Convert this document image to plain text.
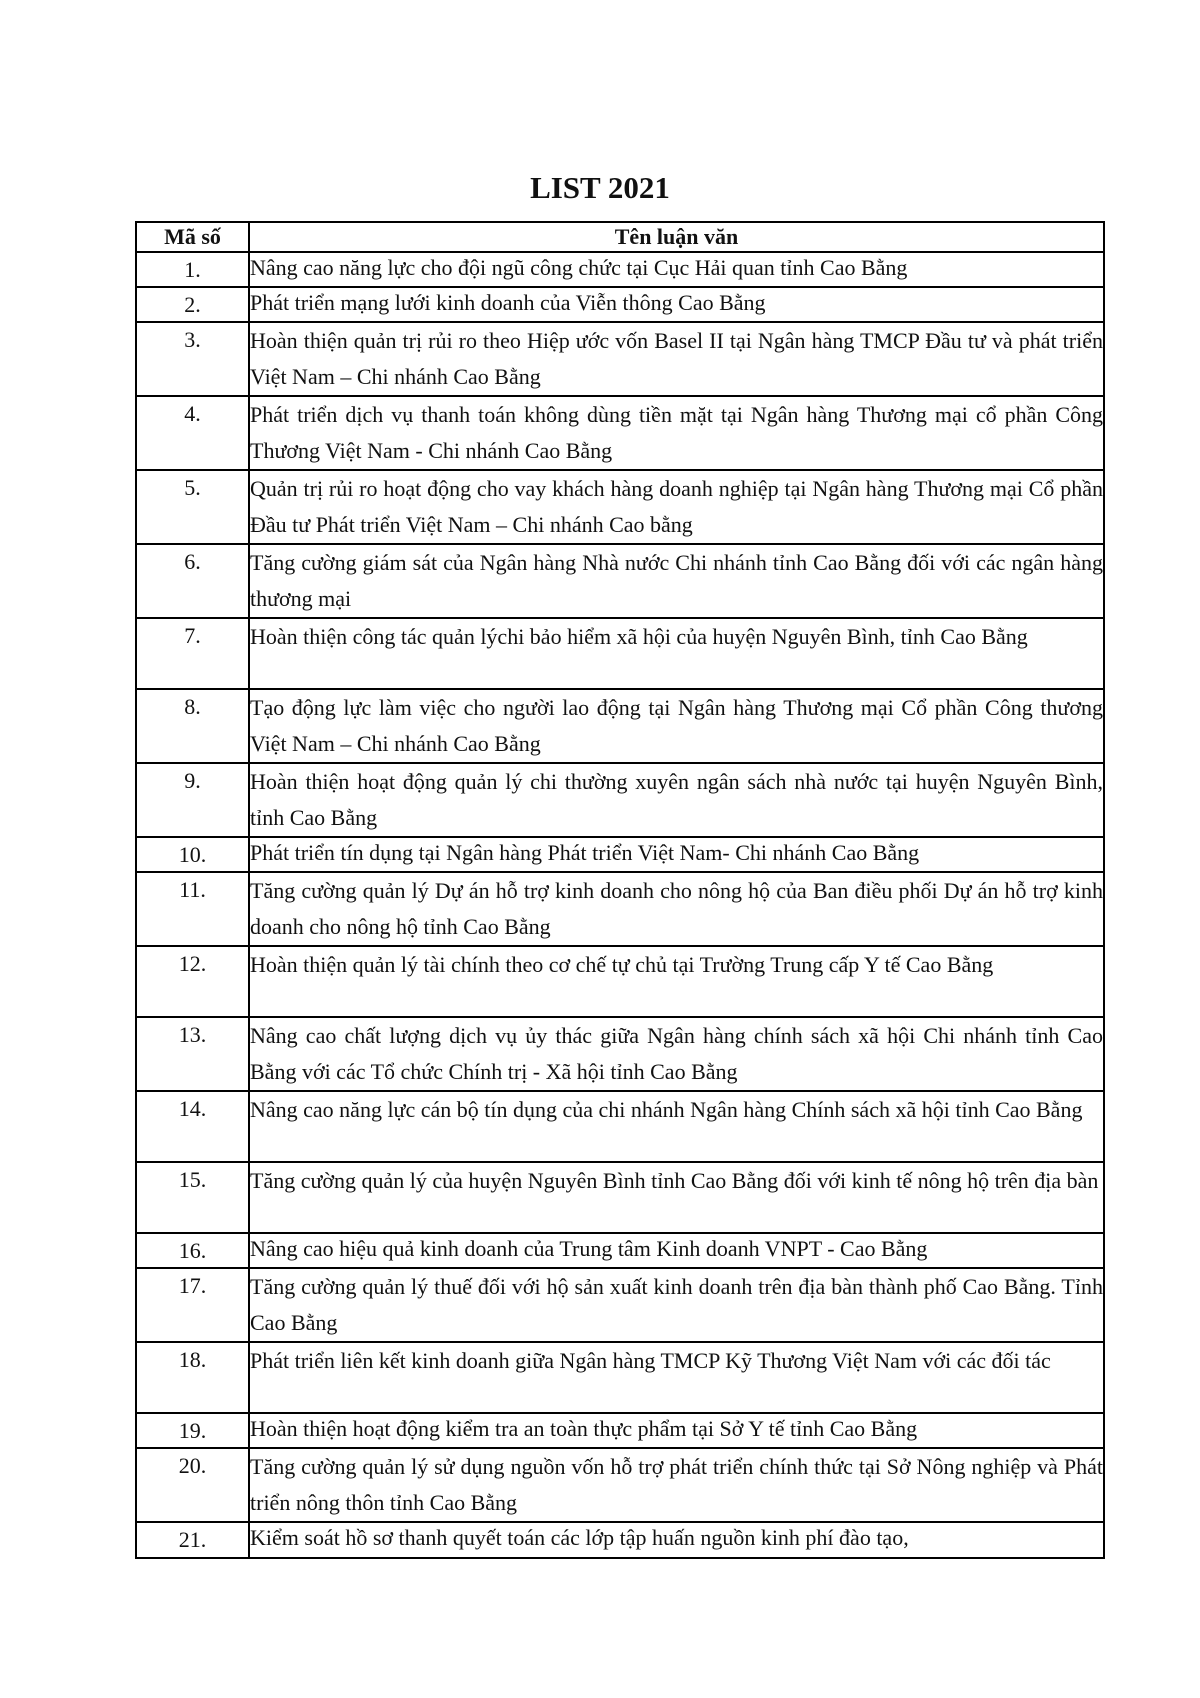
LIST 2021
Mã số	Tên luận văn
1.	Nâng cao năng lực cho đội ngũ công chức tại Cục Hải quan tỉnh Cao Bằng
2.	Phát triển mạng lưới kinh doanh của Viễn thông Cao Bằng
3.	Hoàn thiện quản trị rủi ro theo Hiệp ước vốn Basel II tại Ngân hàng TMCP Đầu tư và phát triển Việt Nam – Chi nhánh Cao Bằng
4.	Phát triển dịch vụ thanh toán không dùng tiền mặt tại Ngân hàng Thương mại cổ phần Công Thương Việt Nam - Chi nhánh Cao Bằng
5.	Quản trị rủi ro hoạt động cho vay khách hàng doanh nghiệp tại Ngân hàng Thương mại Cổ phần Đầu tư Phát triển Việt Nam – Chi nhánh Cao bằng
6.	Tăng cường giám sát của Ngân hàng Nhà nước Chi nhánh tỉnh Cao Bằng đối với các ngân hàng thương mại
7.	Hoàn thiện công tác quản lýchi bảo hiểm xã hội của huyện Nguyên Bình, tỉnh Cao Bằng
8.	Tạo động lực làm việc cho người lao động tại Ngân hàng Thương mại Cổ phần Công thương Việt Nam – Chi nhánh Cao Bằng
9.	Hoàn thiện hoạt động quản lý chi thường xuyên ngân sách nhà nước tại huyện Nguyên Bình, tỉnh Cao Bằng
10.	Phát triển tín dụng tại Ngân hàng Phát triển Việt Nam- Chi nhánh Cao Bằng
11.	Tăng cường quản lý Dự án hỗ trợ kinh doanh cho nông hộ của Ban điều phối Dự án hỗ trợ kinh doanh cho nông hộ tỉnh Cao Bằng
12.	Hoàn thiện quản lý tài chính theo cơ chế tự chủ tại Trường Trung cấp Y tế Cao Bằng
13.	Nâng cao chất lượng dịch vụ ủy thác giữa Ngân hàng chính sách xã hội Chi nhánh tỉnh Cao Bằng với các Tổ chức Chính trị - Xã hội tỉnh Cao Bằng
14.	Nâng cao năng lực cán bộ tín dụng của chi nhánh Ngân hàng Chính sách xã hội tỉnh Cao Bằng
15.	Tăng cường quản lý của huyện Nguyên Bình tỉnh Cao Bằng đối với kinh tế nông hộ trên địa bàn
16.	Nâng cao hiệu quả kinh doanh của Trung tâm Kinh doanh VNPT - Cao Bằng
17.	Tăng cường quản lý thuế đối với hộ sản xuất kinh doanh trên địa bàn thành phố Cao Bằng. Tỉnh Cao Bằng
18.	Phát triển liên kết kinh doanh giữa Ngân hàng TMCP Kỹ Thương Việt Nam với các đối tác
19.	Hoàn thiện hoạt động kiểm tra an toàn thực phẩm tại Sở Y tế tỉnh Cao Bằng
20.	Tăng cường quản lý sử dụng nguồn vốn hỗ trợ phát triển chính thức tại Sở Nông nghiệp và Phát triển nông thôn tỉnh Cao Bằng
21.	Kiểm soát hồ sơ thanh quyết toán các lớp tập huấn nguồn kinh phí đào tạo,
